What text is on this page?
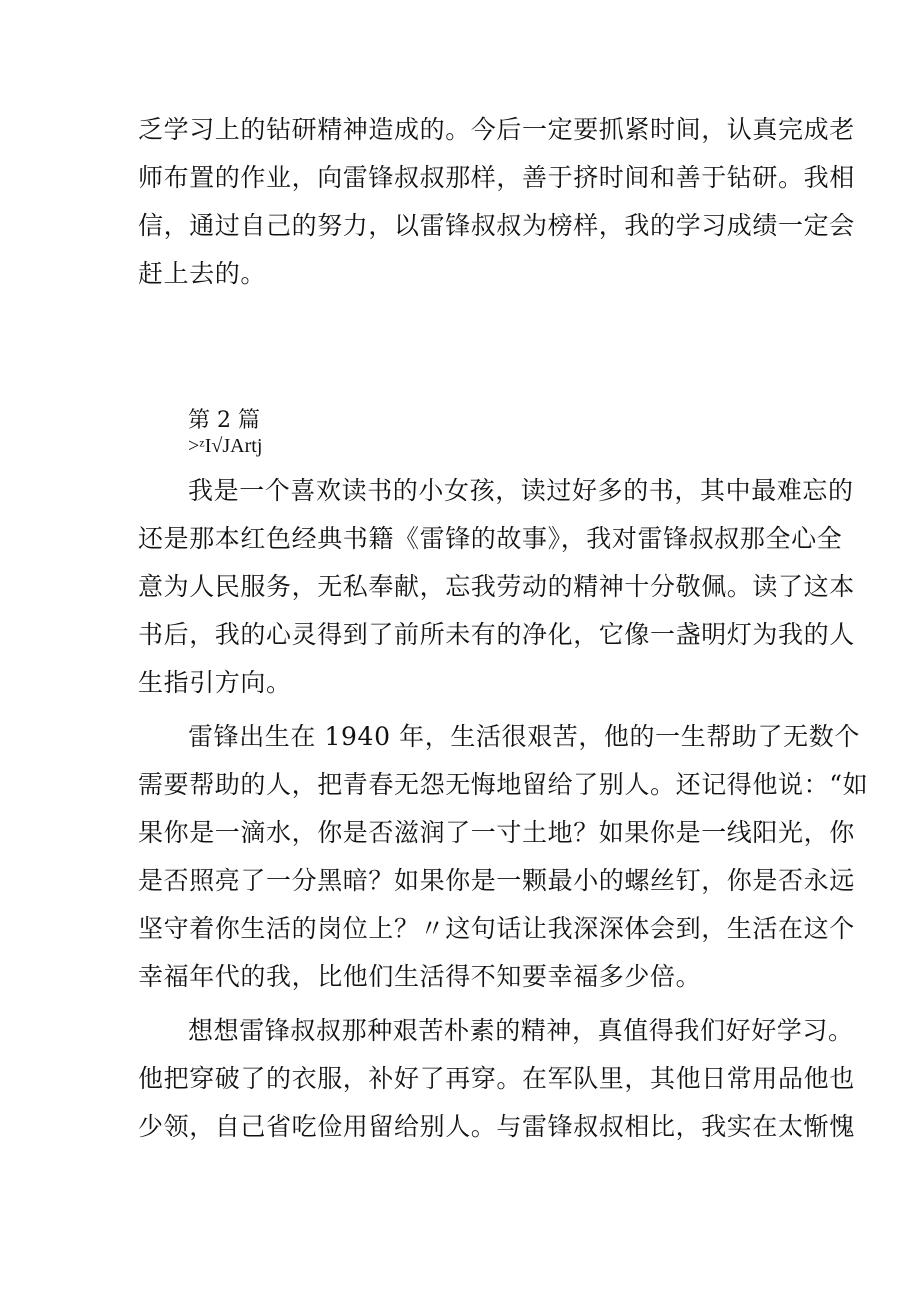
乏学习上的钻研精神造成的。今后一定要抓紧时间，认真完成老
师布置的作业，向雷锋叔叔那样，善于挤时间和善于钻研。我相
信，通过自己的努力，以雷锋叔叔为榜样，我的学习成绩一定会
赶上去的。
第 2 篇
>ᶻI√JArtj
我是一个喜欢读书的小女孩，读过好多的书，其中最难忘的
还是那本红色经典书籍《雷锋的故事》，我对雷锋叔叔那全心全
意为人民服务，无私奉献，忘我劳动的精神十分敬佩。读了这本
书后，我的心灵得到了前所未有的净化，它像一盏明灯为我的人
生指引方向。
雷锋出生在 1940 年，生活很艰苦，他的一生帮助了无数个
需要帮助的人，把青春无怨无悔地留给了别人。还记得他说：“如
果你是一滴水，你是否滋润了一寸土地？如果你是一线阳光，你
是否照亮了一分黑暗？如果你是一颗最小的螺丝钉，你是否永远
坚守着你生活的岗位上？〃这句话让我深深体会到，生活在这个
幸福年代的我，比他们生活得不知要幸福多少倍。
想想雷锋叔叔那种艰苦朴素的精神，真值得我们好好学习。
他把穿破了的衣服，补好了再穿。在军队里，其他日常用品他也
少领，自己省吃俭用留给别人。与雷锋叔叔相比，我实在太惭愧
